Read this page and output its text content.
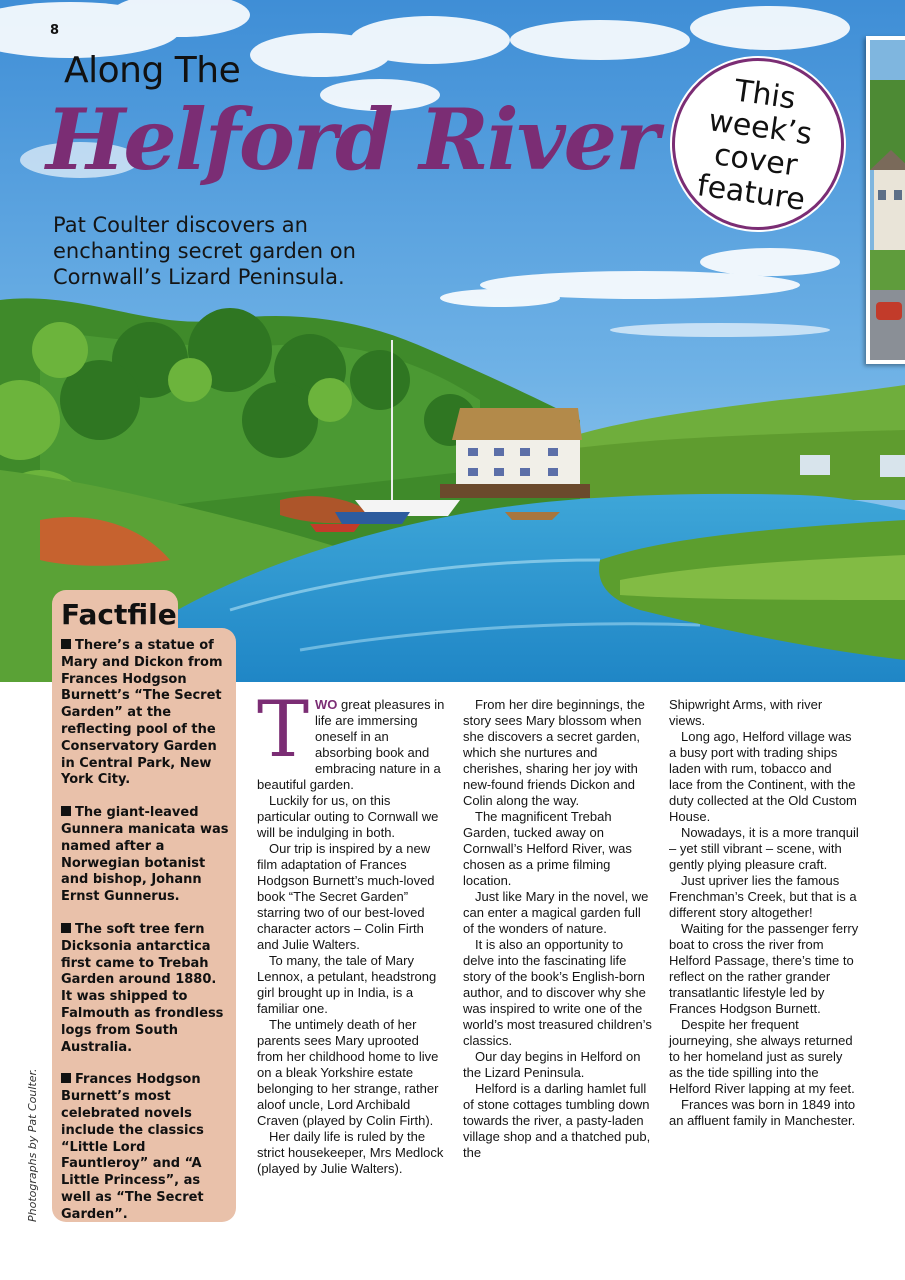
8
Along The
Helford River
Pat Coulter discovers an enchanting secret garden on Cornwall’s Lizard Peninsula.
This week’s cover feature

There’s a statue of Mary and Dickon from Frances Hodgson Burnett’s “The Secret Garden” at the reflecting pool of the Conservatory Garden in Central Park, New York City.

The giant-leaved Gunnera manicata was named after a Norwegian botanist and bishop, Johann Ernst Gunnerus.

The soft tree fern Dicksonia antarctica first came to Trebah Garden around 1880. It was shipped to Falmouth as frondless logs from South Australia.

Frances Hodgson Burnett’s most celebrated novels include the classics “Little Lord Fauntleroy” and “A Little Princess”, as well as “The Secret Garden”.

Factfile
Photographs by Pat Coulter.

TWO great pleasures in life are immersing oneself in an absorbing book and embracing nature in a beautiful garden.

Luckily for us, on this particular outing to Cornwall we will be indulging in both.

Our trip is inspired by a new film adaptation of Frances Hodgson Burnett’s much-loved book “The Secret Garden” starring two of our best-loved character actors – Colin Firth and Julie Walters.

To many, the tale of Mary Lennox, a petulant, headstrong girl brought up in India, is a familiar one.

The untimely death of her parents sees Mary uprooted from her childhood home to live on a bleak Yorkshire estate belonging to her strange, rather aloof uncle, Lord Archibald Craven (played by Colin Firth).

Her daily life is ruled by the strict housekeeper, Mrs Medlock (played by Julie Walters).

From her dire beginnings, the story sees Mary blossom when she discovers a secret garden, which she nurtures and cherishes, sharing her joy with new-found friends Dickon and Colin along the way.

The magnificent Trebah Garden, tucked away on Cornwall’s Helford River, was chosen as a prime filming location.

Just like Mary in the novel, we can enter a magical garden full of the wonders of nature.

It is also an opportunity to delve into the fascinating life story of the book’s English-born author, and to discover why she was inspired to write one of the world’s most treasured children’s classics.

Our day begins in Helford on the Lizard Peninsula.

Helford is a darling hamlet full of stone cottages tumbling down towards the river, a pasty-laden village shop and a thatched pub, the

Shipwright Arms, with river views.

Long ago, Helford village was a busy port with trading ships laden with rum, tobacco and lace from the Continent, with the duty collected at the Old Custom House.

Nowadays, it is a more tranquil – yet still vibrant – scene, with gently plying pleasure craft.

Just upriver lies the famous Frenchman’s Creek, but that is a different story altogether!

Waiting for the passenger ferry boat to cross the river from Helford Passage, there’s time to reflect on the rather grander transatlantic lifestyle led by Frances Hodgson Burnett.

Despite her frequent journeying, she always returned to her homeland just as surely as the tide spilling into the Helford River lapping at my feet.

Frances was born in 1849 into an affluent family in Manchester.
